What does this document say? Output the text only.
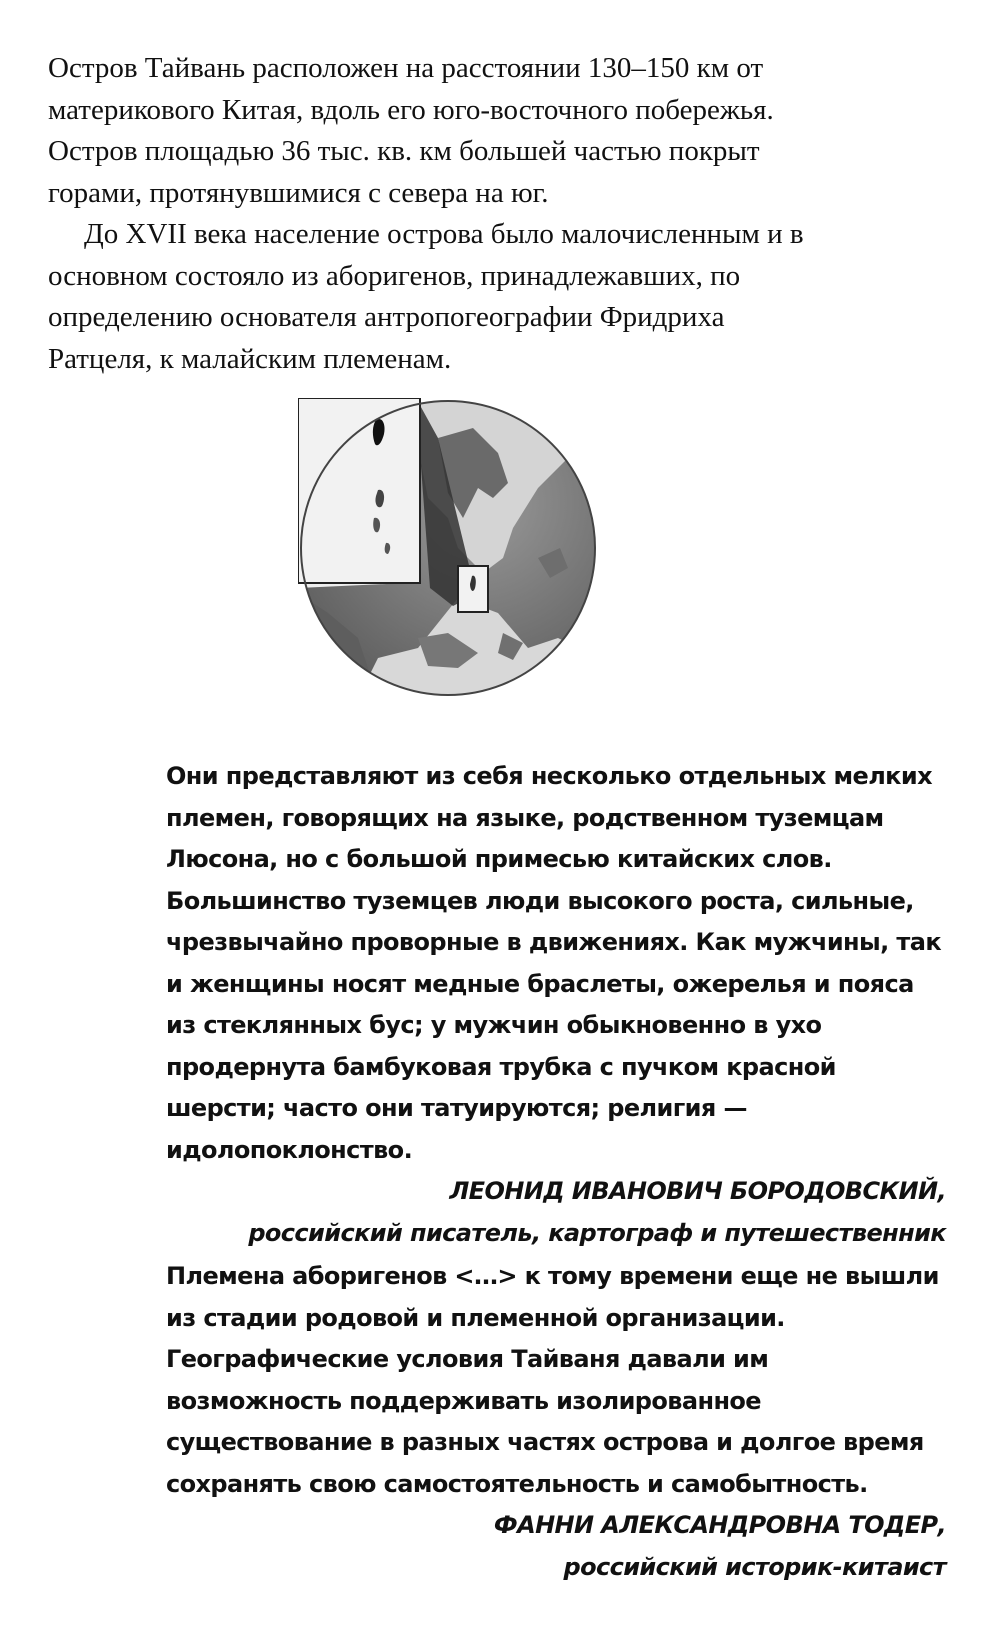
Остров Тайвань расположен на расстоянии 130–150 км от материкового Китая, вдоль его юго-восточного побережья. Остров площадью 36 тыс. кв. км большей частью покрыт горами, протянувшимися с севера на юг.

До XVII века население острова было малочисленным и в основном состояло из аборигенов, принадлежавших, по определению основателя антропогеографии Фридриха Ратцеля, к малайским племенам.

Они представляют из себя несколько отдельных мелких племен, говорящих на языке, родственном туземцам Люсона, но с большой примесью китайских слов. Большинство туземцев люди высокого роста, сильные, чрезвычайно проворные в движениях. Как мужчины, так и женщины носят медные браслеты, ожерелья и пояса из стеклянных бус; у мужчин обыкновенно в ухо продернута бамбуковая трубка с пучком красной шерсти; часто они татуируются; религия — идолопоклонство.

ЛЕОНИД ИВАНОВИЧ БОРОДОВСКИЙ,
российский писатель, картограф и путешественник

Племена аборигенов <…> к тому времени еще не вышли из стадии родовой и племенной организации. Географические условия Тайваня давали им возможность поддерживать изолированное существование в разных частях острова и долгое время сохранять свою самостоятельность и самобытность.

ФАННИ АЛЕКСАНДРОВНА ТОДЕР,
российский историк-китаист
